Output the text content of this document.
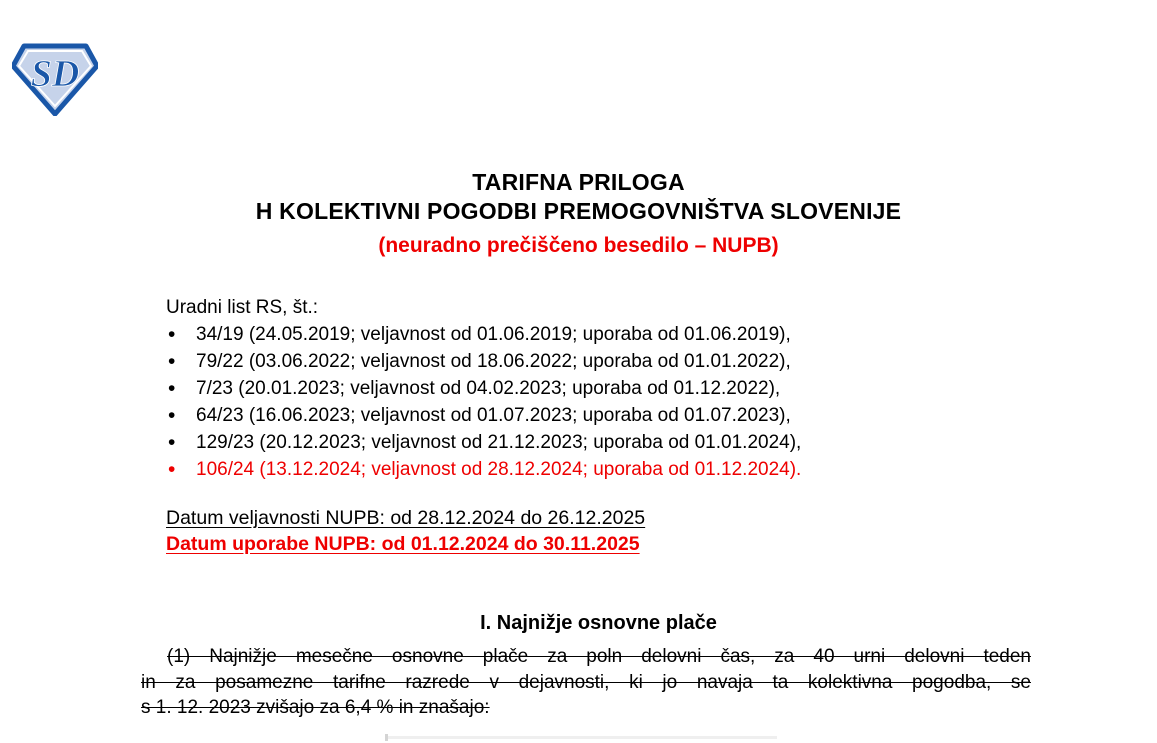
SD
TARIFNA PRILOGA
H KOLEKTIVNI POGODBI PREMOGOVNIŠTVA SLOVENIJE
(neuradno prečiščeno besedilo – NUPB)
Uradni list RS, št.:
• 34/19 (24.05.2019; veljavnost od 01.06.2019; uporaba od 01.06.2019),
• 79/22 (03.06.2022; veljavnost od 18.06.2022; uporaba od 01.01.2022),
• 7/23 (20.01.2023; veljavnost od 04.02.2023; uporaba od 01.12.2022),
• 64/23 (16.06.2023; veljavnost od 01.07.2023; uporaba od 01.07.2023),
• 129/23 (20.12.2023; veljavnost od 21.12.2023; uporaba od 01.01.2024),
• 106/24 (13.12.2024; veljavnost od 28.12.2024; uporaba od 01.12.2024).
Datum veljavnosti NUPB: od 28.12.2024 do 26.12.2025
Datum uporabe NUPB: od 01.12.2024 do 30.11.2025
I. Najnižje osnovne plače
(1) Najnižje mesečne osnovne plače za poln delovni čas, za 40 urni delovni teden
in za posamezne tarifne razrede v dejavnosti, ki jo navaja ta kolektivna pogodba, se
s 1. 12. 2023 zvišajo za 6,4 % in znašajo:
